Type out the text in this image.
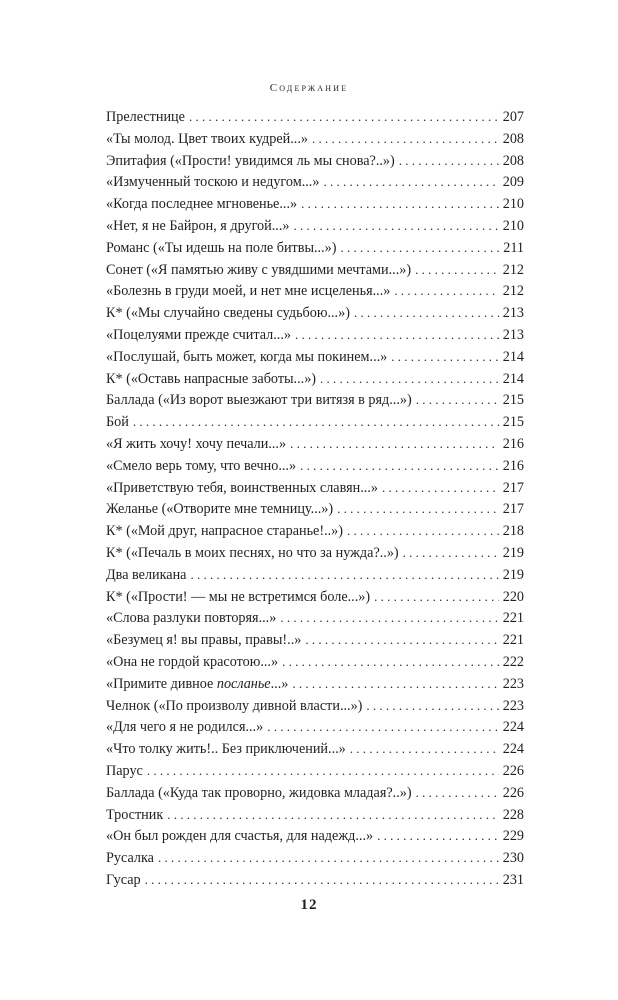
Содержание
Прелестнице . . .	207
«Ты молод. Цвет твоих кудрей...» . . .	208
Эпитафия («Прости! увидимся ль мы снова?..») . . .	208
«Измученный тоскою и недугом...» . . .	209
«Когда последнее мгновенье...» . . .	210
«Нет, я не Байрон, я другой...» . . .	210
Романс («Ты идешь на поле битвы...») . . .	211
Сонет («Я памятью живу с увядшими мечтами...») . . .	212
«Болезнь в груди моей, и нет мне исцеленья...» . . .	212
К* («Мы случайно сведены судьбою...») . . .	213
«Поцелуями прежде считал...» . . .	213
«Послушай, быть может, когда мы покинем...» . . .	214
К* («Оставь напрасные заботы...») . . .	214
Баллада («Из ворот выезжают три витязя в ряд...») . . .	215
Бой . . .	215
«Я жить хочу! хочу печали...» . . .	216
«Смело верь тому, что вечно...» . . .	216
«Приветствую тебя, воинственных славян...» . . .	217
Желанье («Отворите мне темницу...») . . .	217
К* («Мой друг, напрасное старанье!..») . . .	218
К* («Печаль в моих песнях, но что за нужда?..») . . .	219
Два великана . . .	219
К* («Прости! — мы не встретимся боле...») . . .	220
«Слова разлуки повторяя...» . . .	221
«Безумец я! вы правы, правы!..» . . .	221
«Она не гордой красотою...» . . .	222
«Примите дивное посланье...» . . .	223
Челнок («По произволу дивной власти...») . . .	223
«Для чего я не родился...» . . .	224
«Что толку жить!.. Без приключений...» . . .	224
Парус . . .	226
Баллада («Куда так проворно, жидовка младая?..») . . .	226
Тростник . . .	228
«Он был рожден для счастья, для надежд...» . . .	229
Русалка . . .	230
Гусар . . .	231
12
